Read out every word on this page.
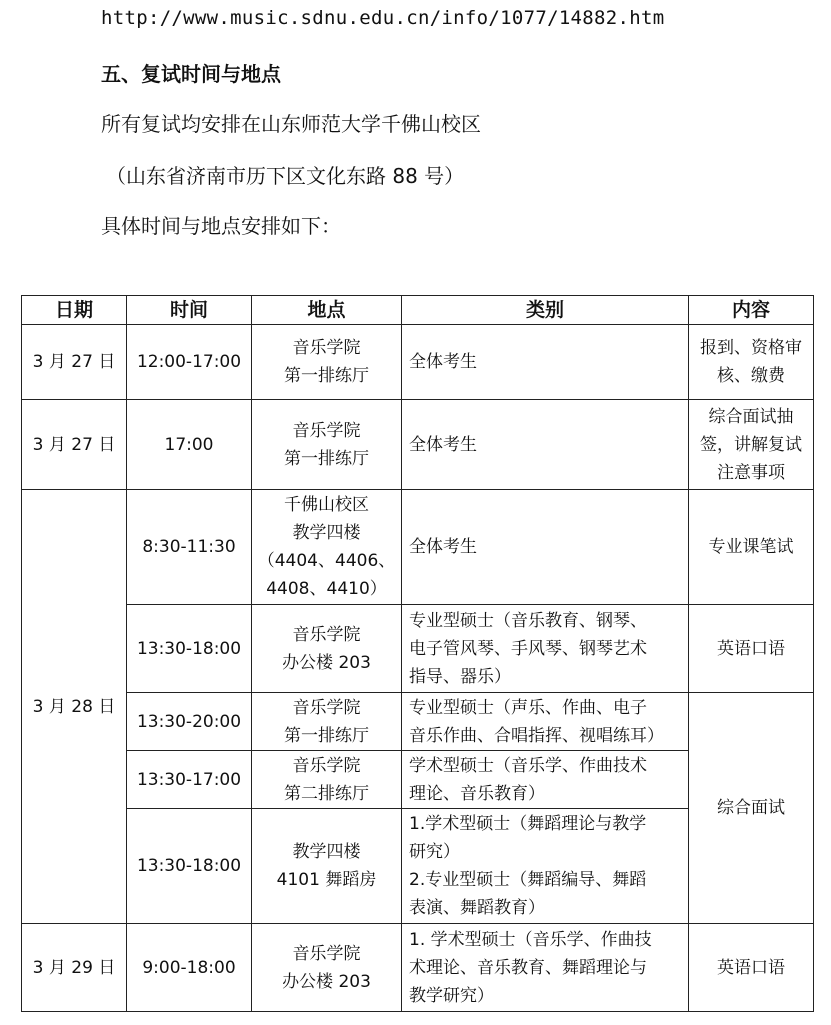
http://www.music.sdnu.edu.cn/info/1077/14882.htm
五、复试时间与地点
所有复试均安排在山东师范大学千佛山校区
（山东省济南市历下区文化东路 88 号）
具体时间与地点安排如下：
日期	时间	地点	类别	内容
3 月 27 日	12:00-17:00	音乐学院
第一排练厅	全体考生	报到、资格审
核、缴费

3 月 27 日	17:00	音乐学院
第一排练厅	全体考生	综合面试抽
签，讲解复试
注意事项

3 月 28 日	8:30-11:30	千佛山校区
教学四楼
（4404、4406、
4408、4410）	全体考生	专业课笔试

	13:30-18:00	音乐学院
办公楼 203	专业型硕士（音乐教育、钢琴、
电子管风琴、手风琴、钢琴艺术
指导、器乐）	英语口语

	13:30-20:00	音乐学院
第一排练厅	专业型硕士（声乐、作曲、电子
音乐作曲、合唱指挥、视唱练耳）	综合面试

	13:30-17:00	音乐学院
第二排练厅	学术型硕士（音乐学、作曲技术
理论、音乐教育）	

	13:30-18:00	教学四楼
4101 舞蹈房	1.学术型硕士（舞蹈理论与教学
研究）
2.专业型硕士（舞蹈编导、舞蹈
表演、舞蹈教育）	

3 月 29 日	9:00-18:00	音乐学院
办公楼 203	1. 学术型硕士（音乐学、作曲技
术理论、音乐教育、舞蹈理论与
教学研究）	英语口语
